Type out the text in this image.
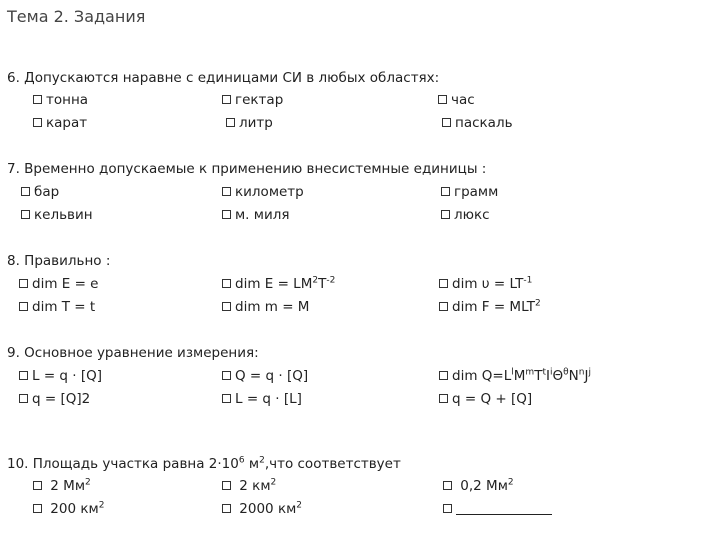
Тема 2. Задания
6. Допускаются наравне с единицами СИ в любых областях:
тонна	гектар	час
карат	литр	паскаль
7. Временно допускаемые к применению внесистемные единицы :
бар	километр	грамм
кельвин	м. миля	люкс
8. Правильно :
dim E = e	dim $E = LM^2T^{-2}$	dim $\upsilon = LT^{-1}$
dim T = t	dim m = M	dim $F = MLT^2$
9. Основное уравнение измерения:
L = q · [Q]	Q = q · [Q]	dim $Q=L^lM^mT^tI^i\Theta^\theta N^nJ^j$
q = [Q]2	L = q · [L]	q = Q + [Q]
10. Площадь участка равна $2\cdot 10^6$ $м^2,что$ соответствует
2 $Мм^2$	2 $км^2$	0,2 $Мм^2$
200 $км^2$	2000 $км^2$
